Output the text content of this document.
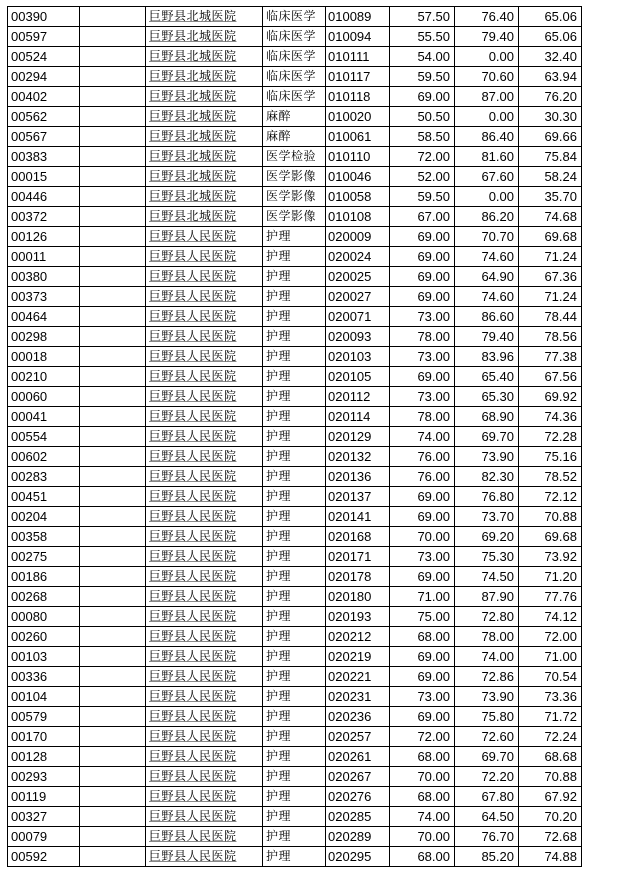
00390		巨野县北城医院	临床医学	010089	57.50	76.40	65.06
00597		巨野县北城医院	临床医学	010094	55.50	79.40	65.06
00524		巨野县北城医院	临床医学	010111	54.00	0.00	32.40
00294		巨野县北城医院	临床医学	010117	59.50	70.60	63.94
00402		巨野县北城医院	临床医学	010118	69.00	87.00	76.20
00562		巨野县北城医院	麻醉	010020	50.50	0.00	30.30
00567		巨野县北城医院	麻醉	010061	58.50	86.40	69.66
00383		巨野县北城医院	医学检验	010110	72.00	81.60	75.84
00015		巨野县北城医院	医学影像	010046	52.00	67.60	58.24
00446		巨野县北城医院	医学影像	010058	59.50	0.00	35.70
00372		巨野县北城医院	医学影像	010108	67.00	86.20	74.68
00126		巨野县人民医院	护理	020009	69.00	70.70	69.68
00011		巨野县人民医院	护理	020024	69.00	74.60	71.24
00380		巨野县人民医院	护理	020025	69.00	64.90	67.36
00373		巨野县人民医院	护理	020027	69.00	74.60	71.24
00464		巨野县人民医院	护理	020071	73.00	86.60	78.44
00298		巨野县人民医院	护理	020093	78.00	79.40	78.56
00018		巨野县人民医院	护理	020103	73.00	83.96	77.38
00210		巨野县人民医院	护理	020105	69.00	65.40	67.56
00060		巨野县人民医院	护理	020112	73.00	65.30	69.92
00041		巨野县人民医院	护理	020114	78.00	68.90	74.36
00554		巨野县人民医院	护理	020129	74.00	69.70	72.28
00602		巨野县人民医院	护理	020132	76.00	73.90	75.16
00283		巨野县人民医院	护理	020136	76.00	82.30	78.52
00451		巨野县人民医院	护理	020137	69.00	76.80	72.12
00204		巨野县人民医院	护理	020141	69.00	73.70	70.88
00358		巨野县人民医院	护理	020168	70.00	69.20	69.68
00275		巨野县人民医院	护理	020171	73.00	75.30	73.92
00186		巨野县人民医院	护理	020178	69.00	74.50	71.20
00268		巨野县人民医院	护理	020180	71.00	87.90	77.76
00080		巨野县人民医院	护理	020193	75.00	72.80	74.12
00260		巨野县人民医院	护理	020212	68.00	78.00	72.00
00103		巨野县人民医院	护理	020219	69.00	74.00	71.00
00336		巨野县人民医院	护理	020221	69.00	72.86	70.54
00104		巨野县人民医院	护理	020231	73.00	73.90	73.36
00579		巨野县人民医院	护理	020236	69.00	75.80	71.72
00170		巨野县人民医院	护理	020257	72.00	72.60	72.24
00128		巨野县人民医院	护理	020261	68.00	69.70	68.68
00293		巨野县人民医院	护理	020267	70.00	72.20	70.88
00119		巨野县人民医院	护理	020276	68.00	67.80	67.92
00327		巨野县人民医院	护理	020285	74.00	64.50	70.20
00079		巨野县人民医院	护理	020289	70.00	76.70	72.68
00592		巨野县人民医院	护理	020295	68.00	85.20	74.88
